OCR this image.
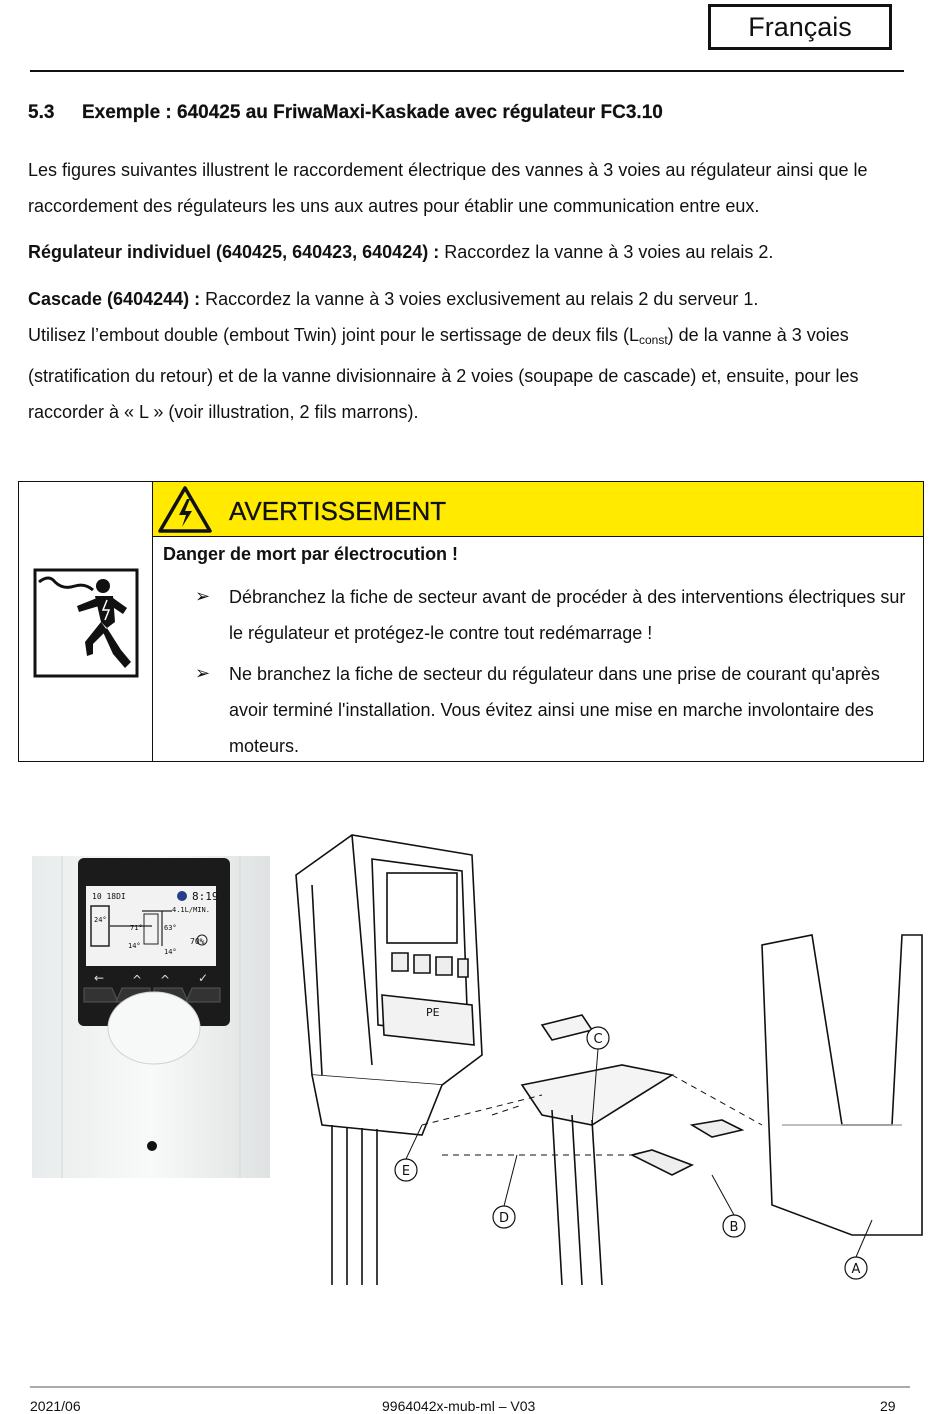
Français
5.3 Exemple : 640425 au FriwaMaxi-Kaskade avec régulateur FC3.10

Les figures suivantes illustrent le raccordement électrique des vannes à 3 voies au régulateur ainsi que le raccordement des régulateurs les uns aux autres pour établir une communication entre eux.

Régulateur individuel (640425, 640423, 640424) : Raccordez la vanne à 3 voies au relais 2.

Cascade (6404244) : Raccordez la vanne à 3 voies exclusivement au relais 2 du serveur 1.

Utilisez l’embout double (embout Twin) joint pour le sertissage de deux fils $(L_{const})$ de la vanne à 3 voies (stratification du retour) et de la vanne divisionnaire à 2 voies (soupape de cascade) et, ensuite, pour les raccorder à « L » (voir illustration, 2 fils marrons).

AVERTISSEMENT
Danger de mort par électrocution !
➢ Débranchez la fiche de secteur avant de procéder à des interventions électriques sur le régulateur et protégez-le contre tout redémarrage !
➢ Ne branchez la fiche de secteur du régulateur dans une prise de courant qu'après avoir terminé l'installation. Vous évitez ainsi une mise en marche involontaire des moteurs.
10 18DI	8:19
4.1L/MIN.
24°
71°	63°
14°	70%
14°
← ^ ^ ✓
PE
A
B
C
D
E
2021/06	9964042x-mub-ml – V03	29
